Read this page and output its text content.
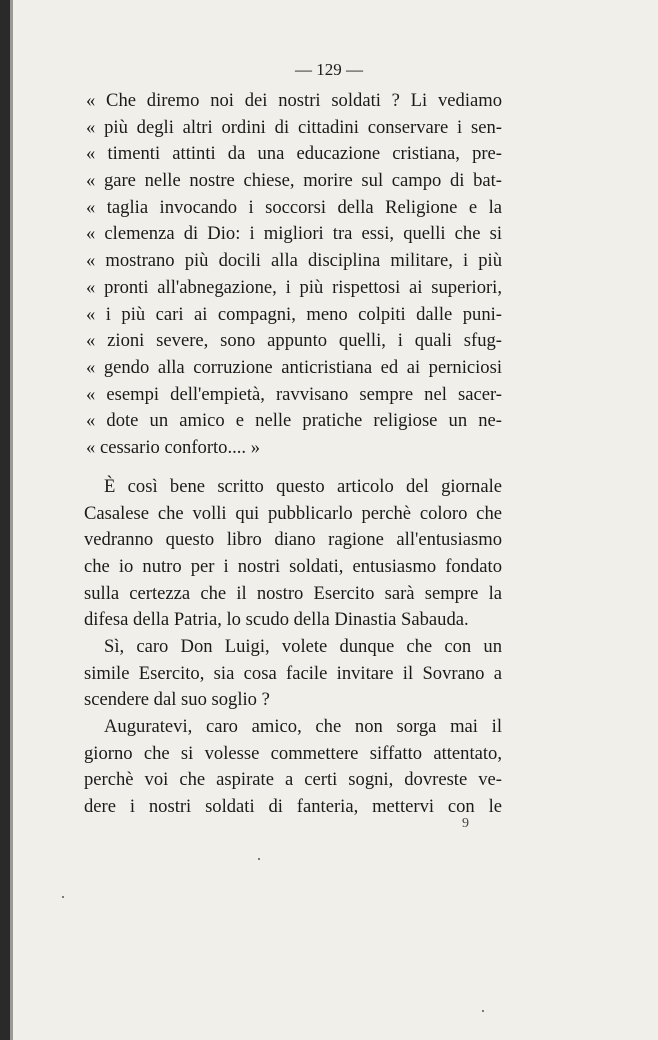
— 129 —
« Che diremo noi dei nostri soldati ? Li vediamo
« più degli altri ordini di cittadini conservare i sen-
« timenti attinti da una educazione cristiana, pre-
« gare nelle nostre chiese, morire sul campo di bat-
« taglia invocando i soccorsi della Religione e la
« clemenza di Dio: i migliori tra essi, quelli che si
« mostrano più docili alla disciplina militare, i più
« pronti all'abnegazione, i più rispettosi ai superiori,
« i più cari ai compagni, meno colpiti dalle puni-
« zioni severe, sono appunto quelli, i quali sfug-
« gendo alla corruzione anticristiana ed ai perniciosi
« esempi dell'empietà, ravvisano sempre nel sacer-
« dote un amico e nelle pratiche religiose un ne-
« cessario conforto.... »
È così bene scritto questo articolo del giornale
Casalese che volli qui pubblicarlo perchè coloro che
vedranno questo libro diano ragione all'entusiasmo
che io nutro per i nostri soldati, entusiasmo fondato
sulla certezza che il nostro Esercito sarà sempre la
difesa della Patria, lo scudo della Dinastia Sabauda.
Sì, caro Don Luigi, volete dunque che con un
simile Esercito, sia cosa facile invitare il Sovrano a
scendere dal suo soglio ?
Auguratevi, caro amico, che non sorga mai il
giorno che si volesse commettere siffatto attentato,
perchè voi che aspirate a certi sogni, dovreste ve-
dere i nostri soldati di fanteria, mettervi con le
9
